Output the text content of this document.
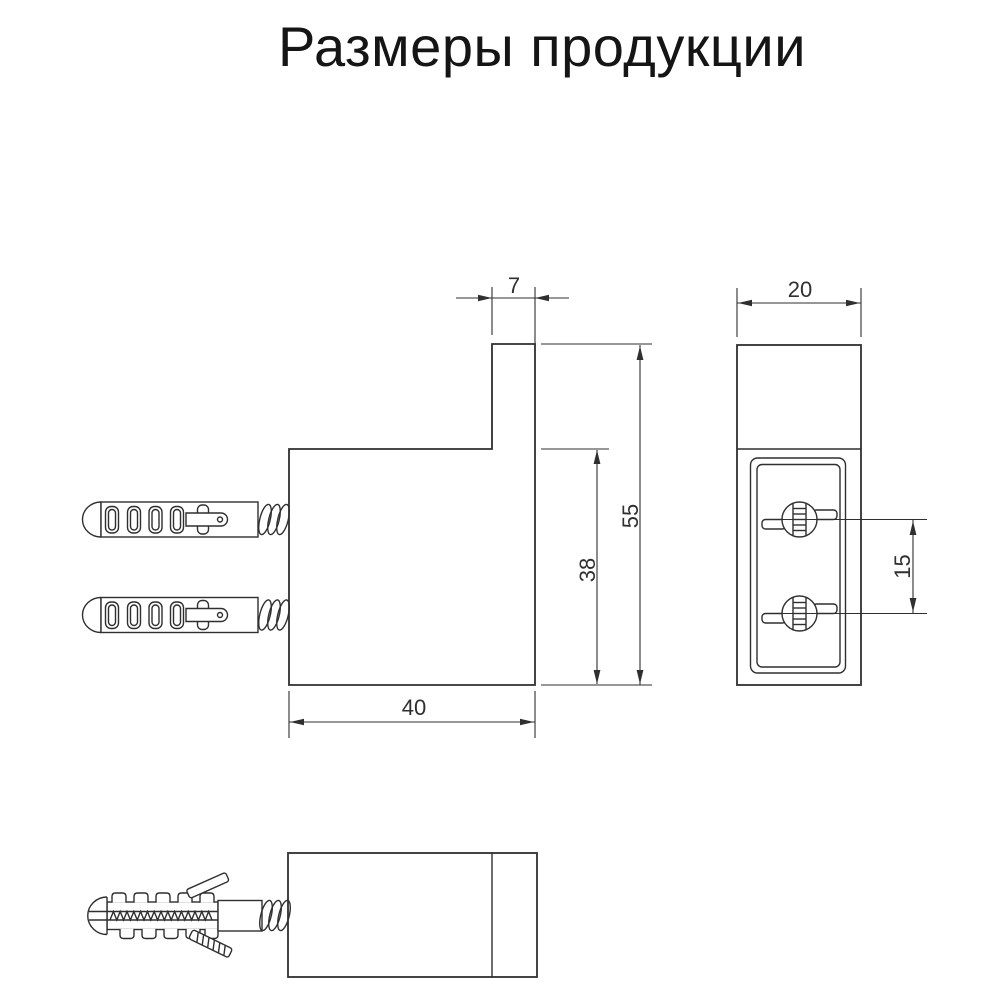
Размеры продукции
7
55
38
40
20
15
